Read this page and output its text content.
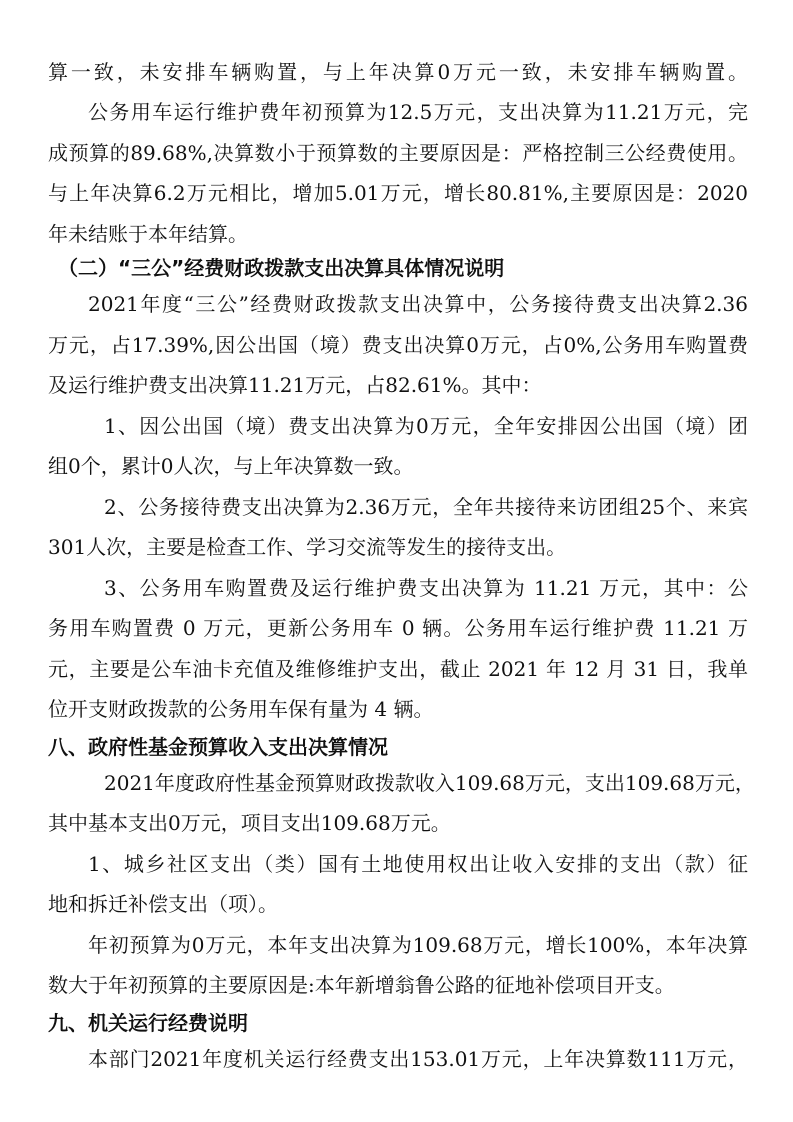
算一致，未安排车辆购置，与上年决算0万元一致，未安排车辆购置。
公务用车运行维护费年初预算为12.5万元，支出决算为11.21万元，完
成预算的89.68%,决算数小于预算数的主要原因是：严格控制三公经费使用。
与上年决算6.2万元相比，增加5.01万元，增长80.81%,主要原因是：2020
年未结账于本年结算。
（二）“三公”经费财政拨款支出决算具体情况说明
2021年度“三公”经费财政拨款支出决算中，公务接待费支出决算2.36
万元，占17.39%,因公出国（境）费支出决算0万元，占0%,公务用车购置费
及运行维护费支出决算11.21万元，占82.61%。其中：
1、因公出国（境）费支出决算为0万元，全年安排因公出国（境）团
组0个，累计0人次，与上年决算数一致。
2、公务接待费支出决算为2.36万元，全年共接待来访团组25个、来宾
301人次，主要是检查工作、学习交流等发生的接待支出。
3、公务用车购置费及运行维护费支出决算为 11.21 万元，其中：公
务用车购置费 0 万元，更新公务用车 0 辆。公务用车运行维护费 11.21 万
元，主要是公车油卡充值及维修维护支出，截止 2021 年 12 月 31 日，我单
位开支财政拨款的公务用车保有量为 4 辆。
八、政府性基金预算收入支出决算情况
2021年度政府性基金预算财政拨款收入109.68万元，支出109.68万元，
其中基本支出0万元，项目支出109.68万元。
1、城乡社区支出（类）国有土地使用权出让收入安排的支出（款）征
地和拆迁补偿支出（项）。
年初预算为0万元，本年支出决算为109.68万元，增长100%，本年决算
数大于年初预算的主要原因是:本年新增翁鲁公路的征地补偿项目开支。
九、机关运行经费说明
本部门2021年度机关运行经费支出153.01万元，上年决算数111万元，
